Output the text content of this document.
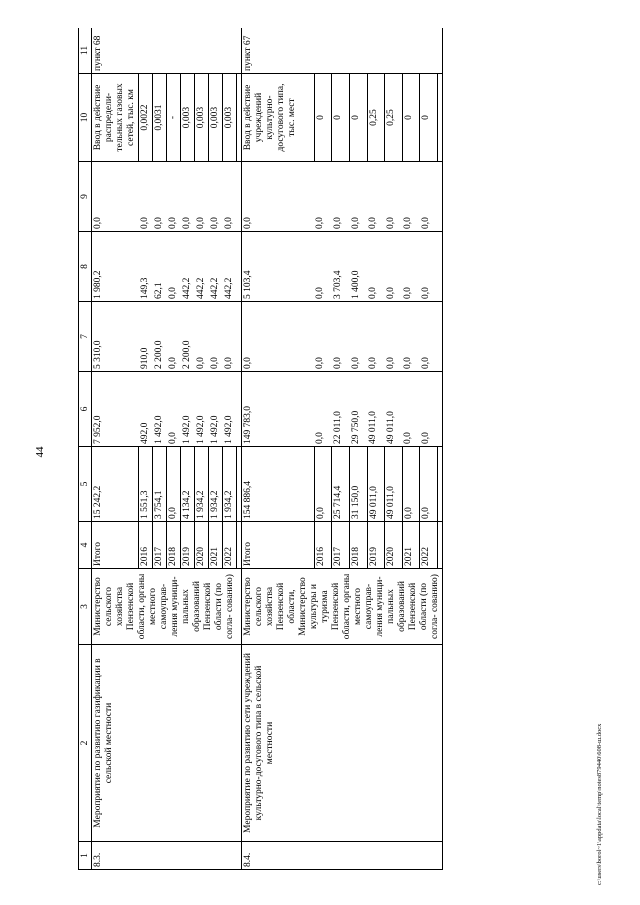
44
c:\users\borol~1\appdata\local\temp\notes879440\608-ш.docx
1	2	3	4	5	6	7	8	9	10	11
8.3.	Мероприятие по развитию газификации в сельской местности	Министерство сельского хозяйства Пензенской области, органы местного самоуправ- ления муници- пальных образований Пензенской области (по согла- сованию)	Итого	15 242,2	7 952,0	5 310,0	1 980,2	0,0	Ввод в действие распредели- тельных газовых сетей, тыс. км	пункт 68
			2016	1 551,3	492,0	910,0	149,3	0,0	0,0022	
			2017	3 754,1	1 492,0	2 200,0	62,1	0,0	0,0031	
			2018	0,0	0,0	0,0	0,0	0,0	-	
			2019	4 134,2	1 492,0	2 200,0	442,2	0,0	0,003	
			2020	1 934,2	1 492,0	0,0	442,2	0,0	0,003	
			2021	1 934,2	1 492,0	0,0	442,2	0,0	0,003	
			2022	1 934,2	1 492,0	0,0	442,2	0,0	0,003	

8.4.	Мероприятие по развитию сети учреждений культурно-досугового типа в сельской местности	Министерство сельского хозяйства Пензенской области, Министерство культуры и туризма Пензенской области, органы местного самоуправ- ления муници- пальных образований Пензенской области (по согла- сованию)	Итого	154 886,4	149 783,0	0,0	5 103,4	0,0	Ввод в действие учреждений культурно- досугового типа, тыс. мест	пункт 67
			2016	0,0	0,0	0,0	0,0	0,0	0	
			2017	25 714,4	22 011,0	0,0	3 703,4	0,0	0	
			2018	31 150,0	29 750,0	0,0	1 400,0	0,0	0	
			2019	49 011,0	49 011,0	0,0	0,0	0,0	0,25	
			2020	49 011,0	49 011,0	0,0	0,0	0,0	0,25	
			2021	0,0	0,0	0,0	0,0	0,0	0	
			2022	0,0	0,0	0,0	0,0	0,0	0	
